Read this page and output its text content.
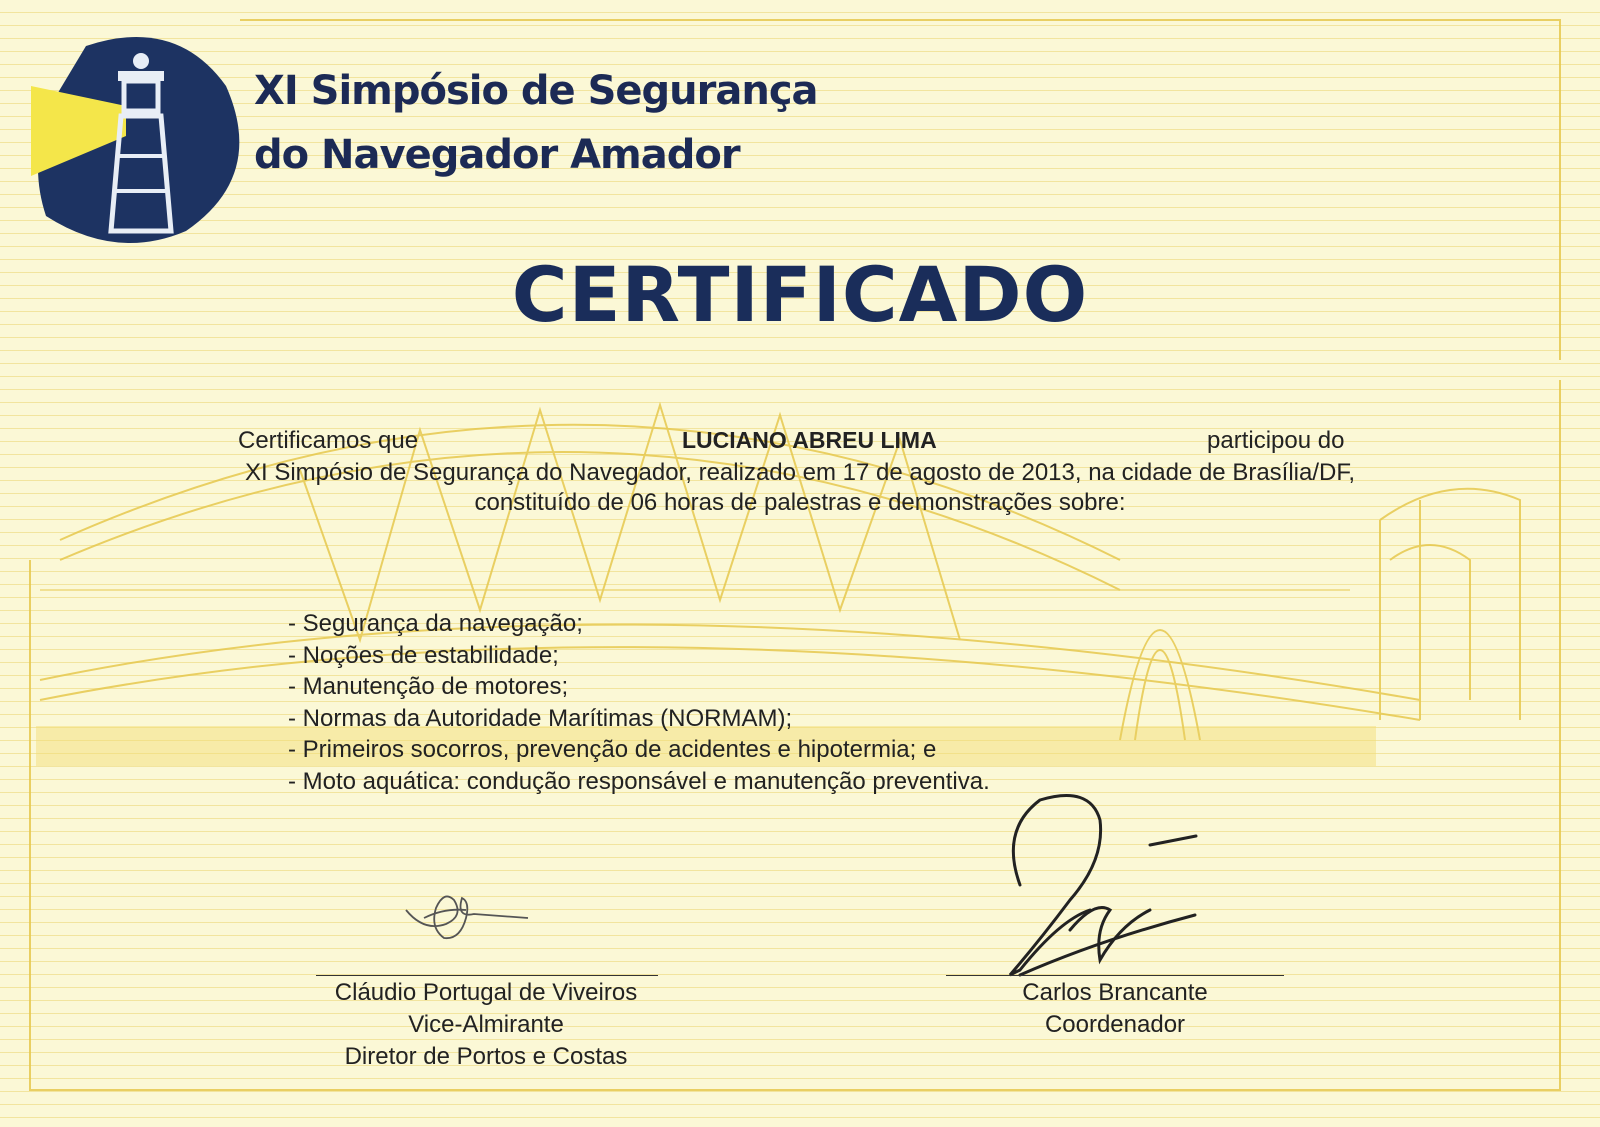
XI Simpósio de Segurança
do Navegador Amador
CERTIFICADO
Certificamos que	LUCIANO ABREU LIMA	participou do
XI Simpósio de Segurança do Navegador, realizado em 17 de agosto de 2013, na cidade de Brasília/DF,
constituído de 06 horas de palestras e demonstrações sobre:
- Segurança da navegação;
- Noções de estabilidade;
- Manutenção de motores;
- Normas da Autoridade Marítimas (NORMAM);
- Primeiros socorros, prevenção de acidentes e hipotermia; e
- Moto aquática: condução responsável e manutenção preventiva.
Cláudio Portugal de Viveiros
Vice-Almirante
Diretor de Portos e Costas
Carlos Brancante
Coordenador
